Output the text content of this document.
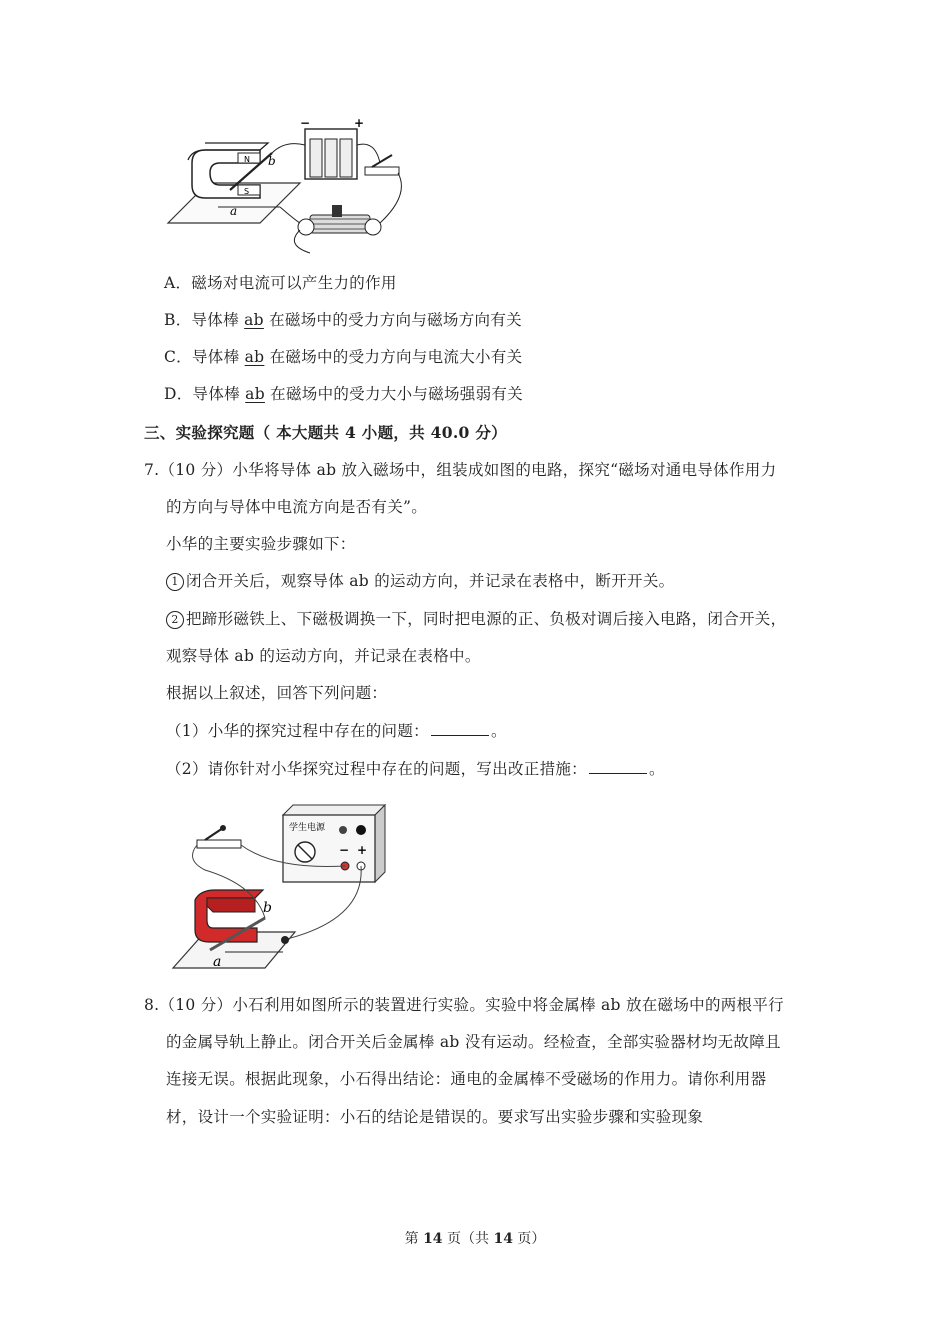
N
S
a
b
−	+
A．磁场对电流可以产生力的作用
B．导体棒 ab 在磁场中的受力方向与磁场方向有关
C．导体棒 ab 在磁场中的受力方向与电流大小有关
D．导体棒 ab 在磁场中的受力大小与磁场强弱有关
三、实验探究题（ 本大题共 4 小题，共 40.0 分）
7.（10 分）小华将导体 ab 放入磁场中，组装成如图的电路，探究“磁场对通电导体作用力
的方向与导体中电流方向是否有关”。
小华的主要实验步骤如下：
1 闭合开关后，观察导体 ab 的运动方向，并记录在表格中，断开开关。
2 把蹄形磁铁上、下磁极调换一下，同时把电源的正、负极对调后接入电路，闭合开关，
观察导体 ab 的运动方向，并记录在表格中。
根据以上叙述，回答下列问题：
（1）小华的探究过程中存在的问题：	。
（2）请你针对小华探究过程中存在的问题，写出改正措施：	。
学生电源
− +
a
b
8.（10 分）小石利用如图所示的装置进行实验。实验中将金属棒 ab 放在磁场中的两根平行
的金属导轨上静止。闭合开关后金属棒 ab 没有运动。经检查，全部实验器材均无故障且
连接无误。根据此现象，小石得出结论：通电的金属棒不受磁场的作用力。请你利用器
材，设计一个实验证明：小石的结论是错误的。要求写出实验步骤和实验现象
第 14 页（共 14 页）
